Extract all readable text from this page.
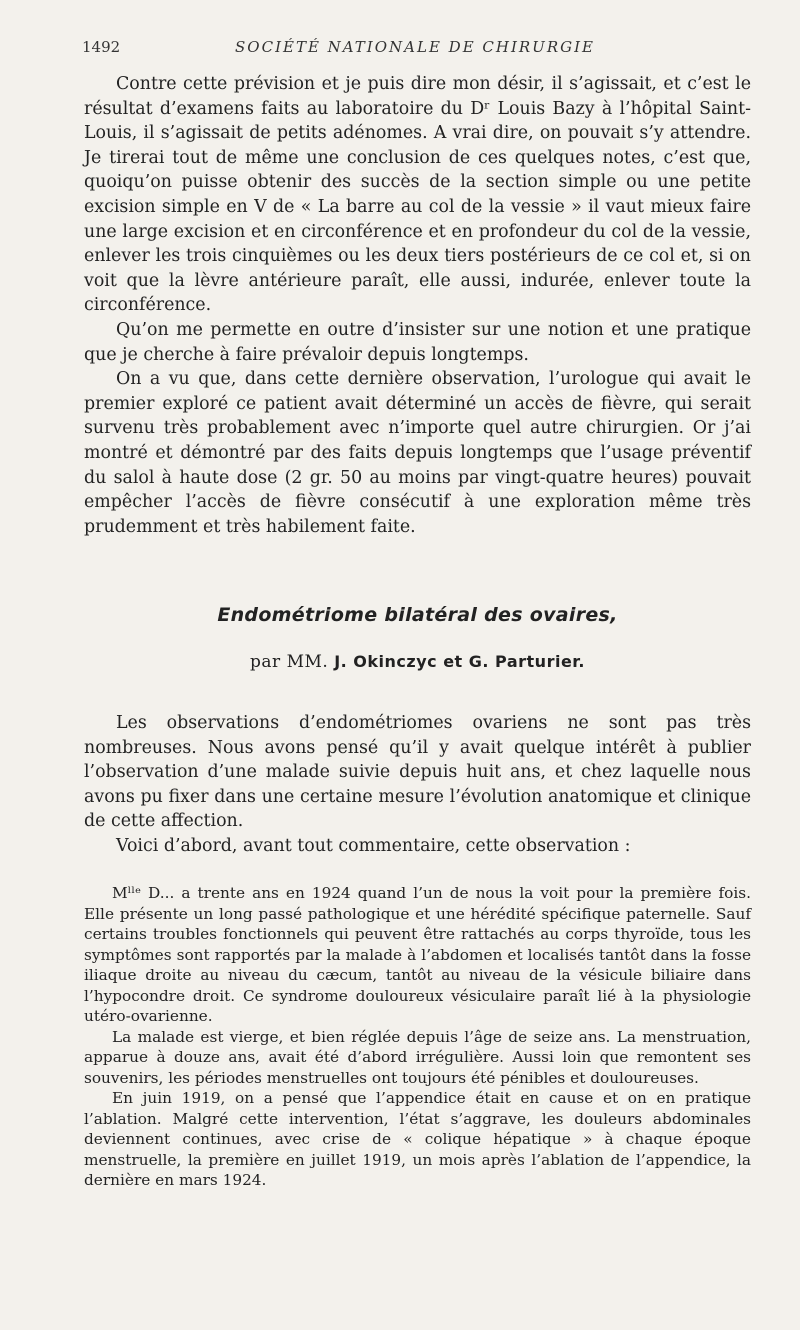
1492	SOCIÉTÉ NATIONALE DE CHIRURGIE

Contre cette prévision et je puis dire mon désir, il s’agissait, et c’est le résultat d’examens faits au laboratoire du Dʳ Louis Bazy à l’hôpital Saint-Louis, il s’agissait de petits adénomes. A vrai dire, on pouvait s’y attendre. Je tirerai tout de même une conclusion de ces quelques notes, c’est que, quoiqu’on puisse obtenir des succès de la section simple ou une petite excision simple en V de « La barre au col de la vessie » il vaut mieux faire une large excision et en circonférence et en profondeur du col de la vessie, enlever les trois cinquièmes ou les deux tiers postérieurs de ce col et, si on voit que la lèvre antérieure paraît, elle aussi, indurée, enlever toute la circonférence.

Qu’on me permette en outre d’insister sur une notion et une pratique que je cherche à faire prévaloir depuis longtemps.

On a vu que, dans cette dernière observation, l’urologue qui avait le premier exploré ce patient avait déterminé un accès de fièvre, qui serait survenu très probablement avec n’importe quel autre chirurgien. Or j’ai montré et démontré par des faits depuis longtemps que l’usage préventif du salol à haute dose (2 gr. 50 au moins par vingt-quatre heures) pouvait empêcher l’accès de fièvre consécutif à une exploration même très prudemment et très habilement faite.

Endométriome bilatéral des ovaires,
par MM. J. Okinczyc et G. Parturier.

Les observations d’endométriomes ovariens ne sont pas très nombreuses. Nous avons pensé qu’il y avait quelque intérêt à publier l’observation d’une malade suivie depuis huit ans, et chez laquelle nous avons pu fixer dans une certaine mesure l’évolution anatomique et clinique de cette affection.

Voici d’abord, avant tout commentaire, cette observation :

Mˡˡᵉ D... a trente ans en 1924 quand l’un de nous la voit pour la première fois. Elle présente un long passé pathologique et une hérédité spécifique paternelle. Sauf certains troubles fonctionnels qui peuvent être rattachés au corps thyroïde, tous les symptômes sont rapportés par la malade à l’abdomen et localisés tantôt dans la fosse iliaque droite au niveau du cæcum, tantôt au niveau de la vésicule biliaire dans l’hypocondre droit. Ce syndrome douloureux vésiculaire paraît lié à la physiologie utéro-ovarienne.

La malade est vierge, et bien réglée depuis l’âge de seize ans. La menstruation, apparue à douze ans, avait été d’abord irrégulière. Aussi loin que remontent ses souvenirs, les périodes menstruelles ont toujours été pénibles et douloureuses.

En juin 1919, on a pensé que l’appendice était en cause et on en pratique l’ablation. Malgré cette intervention, l’état s’aggrave, les douleurs abdominales deviennent continues, avec crise de « colique hépatique » à chaque époque menstruelle, la première en juillet 1919, un mois après l’ablation de l’appendice, la dernière en mars 1924.
